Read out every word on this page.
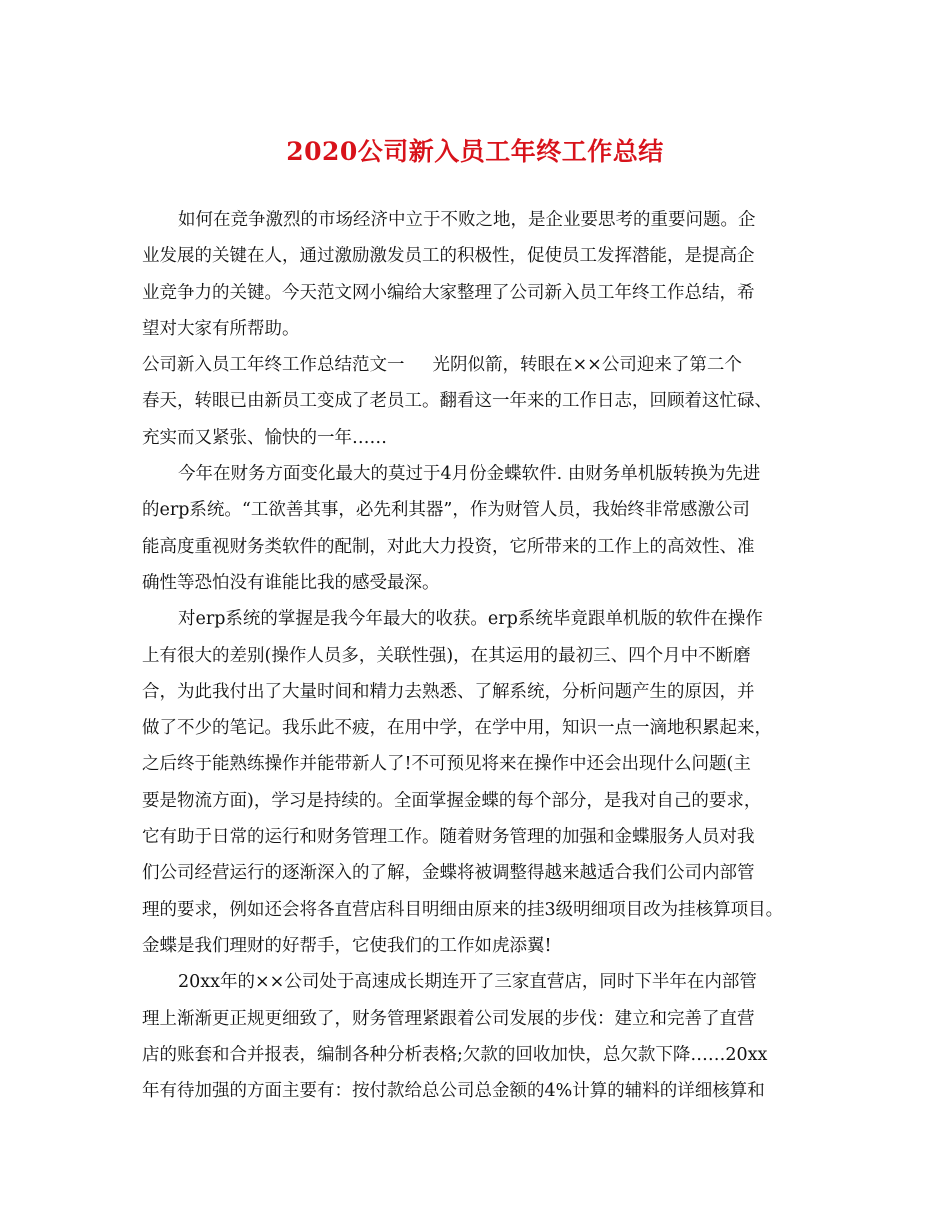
2020公司新入员工年终工作总结
如何在竞争激烈的市场经济中立于不败之地，是企业要思考的重要问题。企
业发展的关键在人，通过激励激发员工的积极性，促使员工发挥潜能，是提高企
业竞争力的关键。今天范文网小编给大家整理了公司新入员工年终工作总结，希
望对大家有所帮助。
公司新入员工年终工作总结范文一 光阴似箭，转眼在××公司迎来了第二个
春天，转眼已由新员工变成了老员工。翻看这一年来的工作日志，回顾着这忙碌、
充实而又紧张、愉快的一年……
今年在财务方面变化最大的莫过于4月份金蝶软件. 由财务单机版转换为先进
的erp系统。“工欲善其事，必先利其器”，作为财管人员，我始终非常感激公司
能高度重视财务类软件的配制，对此大力投资，它所带来的工作上的高效性、准
确性等恐怕没有谁能比我的感受最深。
对erp系统的掌握是我今年最大的收获。erp系统毕竟跟单机版的软件在操作
上有很大的差别(操作人员多，关联性强)，在其运用的最初三、四个月中不断磨
合，为此我付出了大量时间和精力去熟悉、了解系统，分析问题产生的原因，并
做了不少的笔记。我乐此不疲，在用中学，在学中用，知识一点一滴地积累起来，
之后终于能熟练操作并能带新人了!不可预见将来在操作中还会出现什么问题(主
要是物流方面)，学习是持续的。全面掌握金蝶的每个部分，是我对自己的要求，
它有助于日常的运行和财务管理工作。随着财务管理的加强和金蝶服务人员对我
们公司经营运行的逐渐深入的了解，金蝶将被调整得越来越适合我们公司内部管
理的要求，例如还会将各直营店科目明细由原来的挂3级明细项目改为挂核算项目。
金蝶是我们理财的好帮手，它使我们的工作如虎添翼!
20xx年的××公司处于高速成长期连开了三家直营店，同时下半年在内部管
理上渐渐更正规更细致了，财务管理紧跟着公司发展的步伐：建立和完善了直营
店的账套和合并报表，编制各种分析表格;欠款的回收加快，总欠款下降……20xx
年有待加强的方面主要有：按付款给总公司总金额的4%计算的辅料的详细核算和
